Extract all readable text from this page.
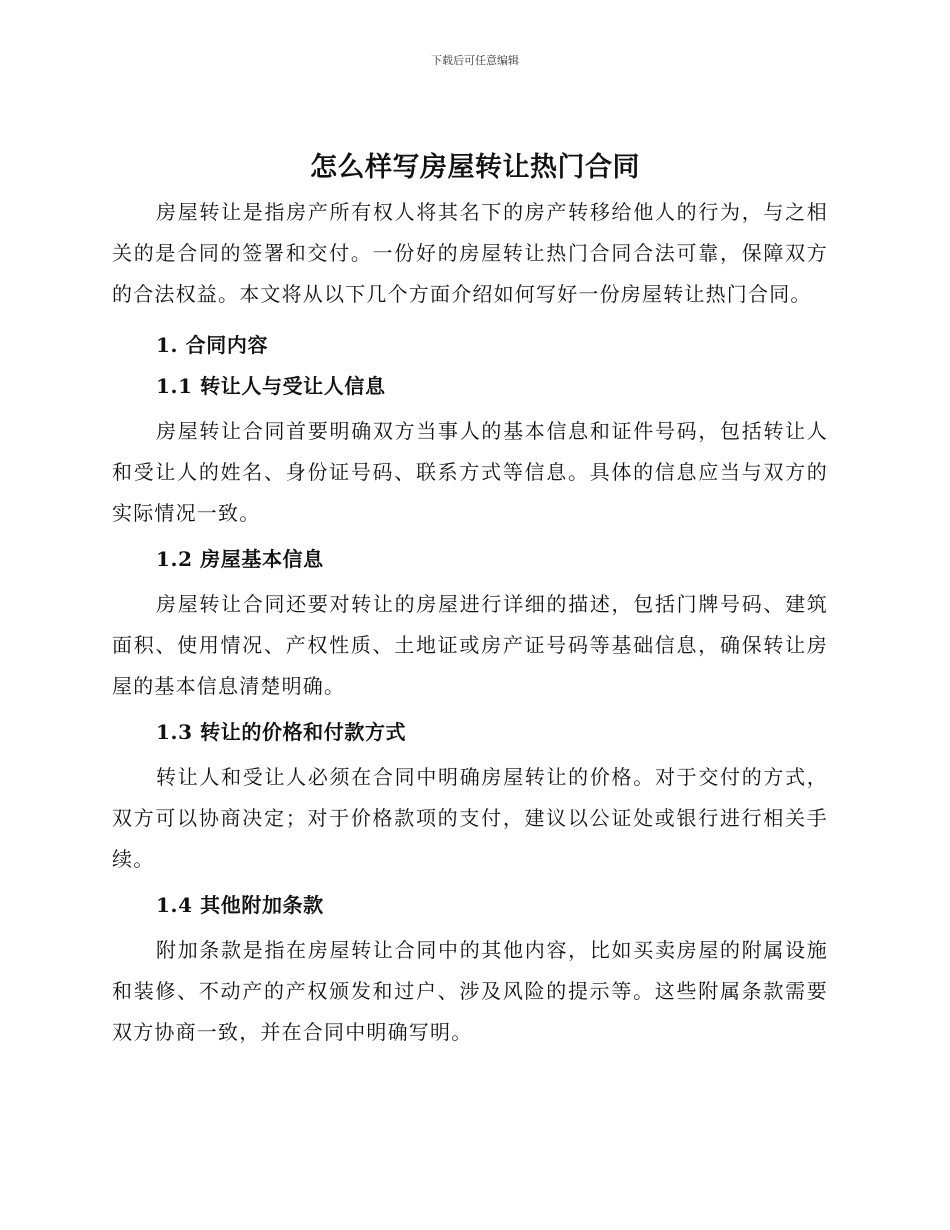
下载后可任意编辑
怎么样写房屋转让热门合同

房屋转让是指房产所有权人将其名下的房产转移给他人的行为，与之相关的是合同的签署和交付。一份好的房屋转让热门合同合法可靠，保障双方的合法权益。本文将从以下几个方面介绍如何写好一份房屋转让热门合同。

1. 合同内容
1.1 转让人与受让人信息

房屋转让合同首要明确双方当事人的基本信息和证件号码，包括转让人和受让人的姓名、身份证号码、联系方式等信息。具体的信息应当与双方的实际情况一致。

1.2 房屋基本信息

房屋转让合同还要对转让的房屋进行详细的描述，包括门牌号码、建筑面积、使用情况、产权性质、土地证或房产证号码等基础信息，确保转让房屋的基本信息清楚明确。

1.3 转让的价格和付款方式

转让人和受让人必须在合同中明确房屋转让的价格。对于交付的方式，双方可以协商决定；对于价格款项的支付，建议以公证处或银行进行相关手续。

1.4 其他附加条款

附加条款是指在房屋转让合同中的其他内容，比如买卖房屋的附属设施和装修、不动产的产权颁发和过户、涉及风险的提示等。这些附属条款需要双方协商一致，并在合同中明确写明。
